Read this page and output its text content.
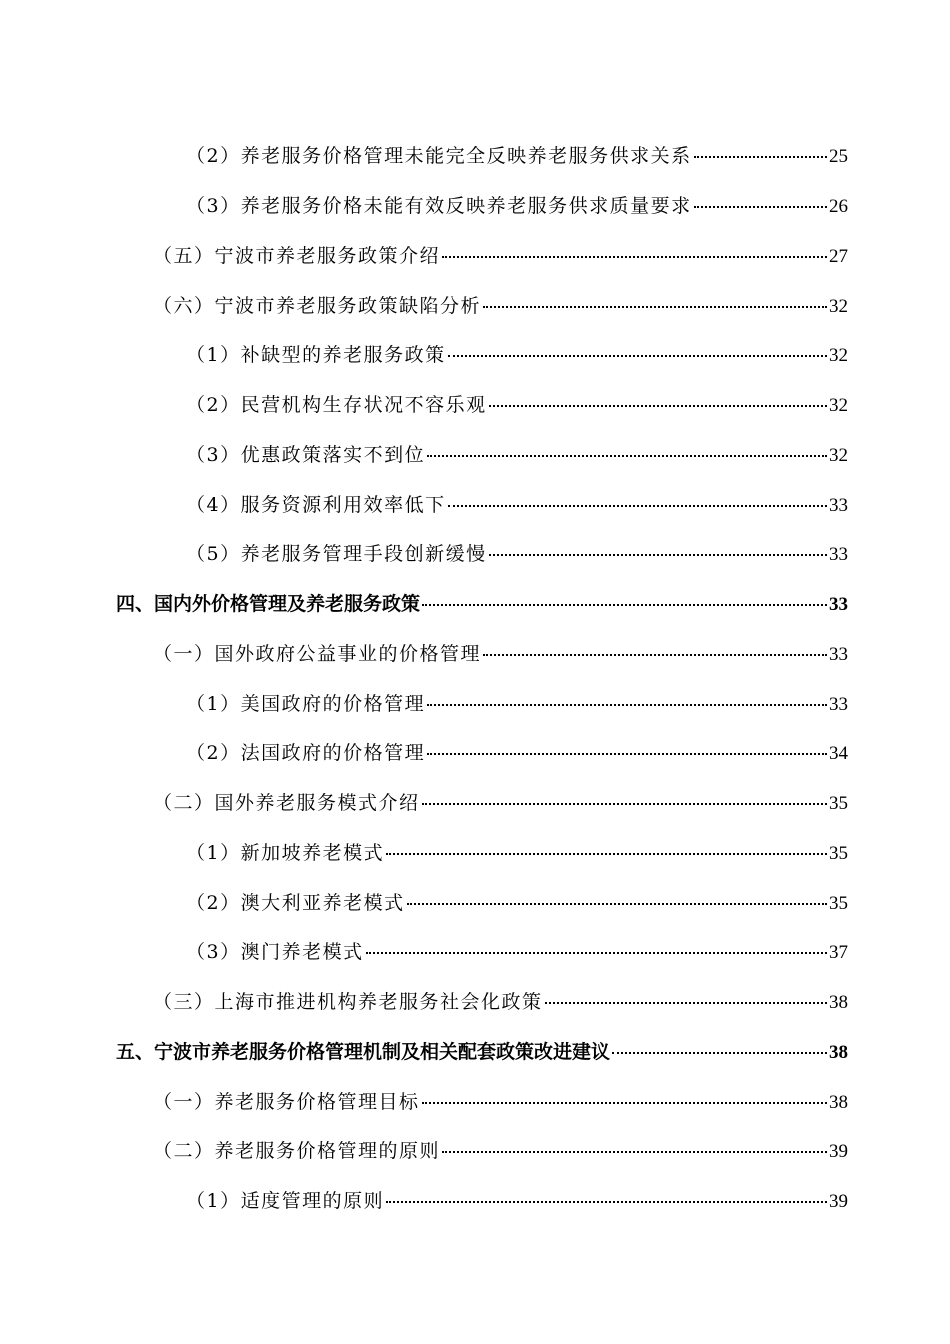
（2）养老服务价格管理未能完全反映养老服务供求关系	25
（3）养老服务价格未能有效反映养老服务供求质量要求	26
（五）宁波市养老服务政策介绍	27
（六）宁波市养老服务政策缺陷分析	32
（1）补缺型的养老服务政策	32
（2）民营机构生存状况不容乐观	32
（3）优惠政策落实不到位	32
（4）服务资源利用效率低下	33
（5）养老服务管理手段创新缓慢	33
四、国内外价格管理及养老服务政策	33
（一）国外政府公益事业的价格管理	33
（1）美国政府的价格管理	33
（2）法国政府的价格管理	34
（二）国外养老服务模式介绍	35
（1）新加坡养老模式	35
（2）澳大利亚养老模式	35
（3）澳门养老模式	37
（三）上海市推进机构养老服务社会化政策	38
五、宁波市养老服务价格管理机制及相关配套政策改进建议	38
（一）养老服务价格管理目标	38
（二）养老服务价格管理的原则	39
（1）适度管理的原则	39
